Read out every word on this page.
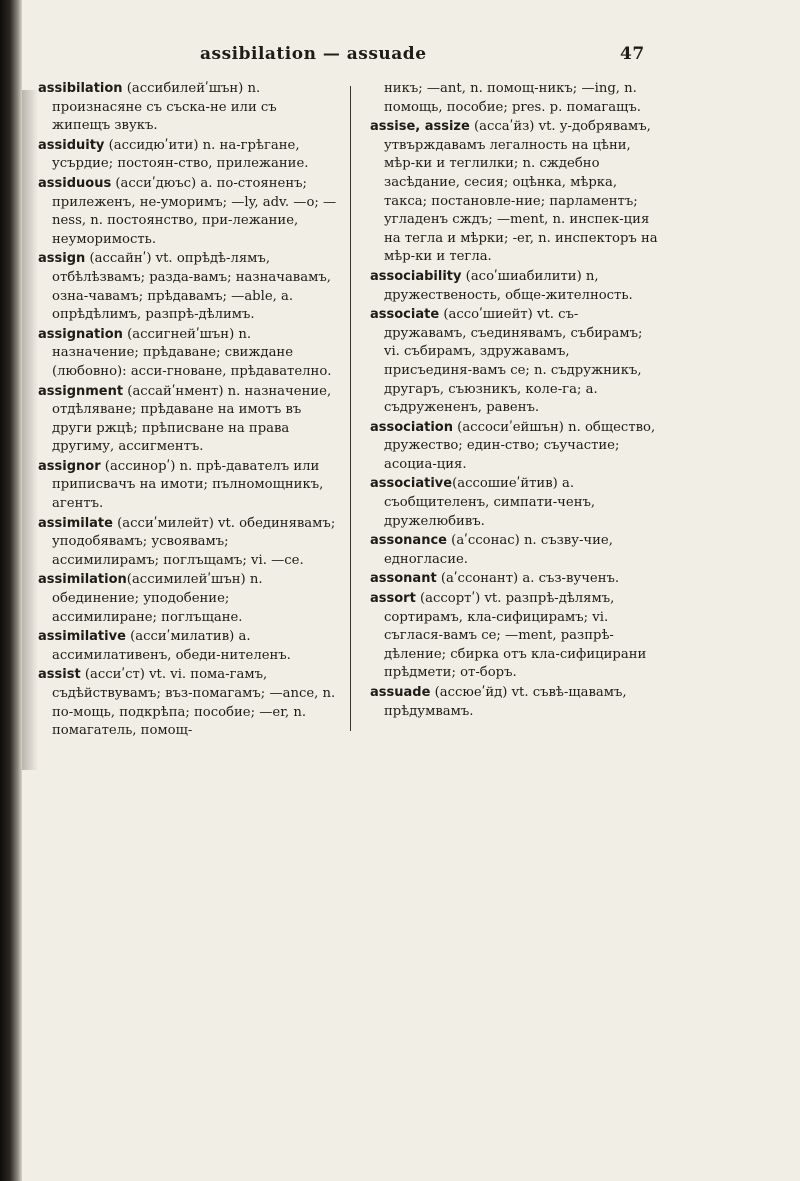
assibilation — assuade	47
assibilation (ассибилейʹшън) n. произнасяне съ съска-не или съ жипещъ звукъ.
assiduity (ассидюʹити) n. на-грѣгане, усърдие; постоян-ство, прилежание.
assiduous (ассиʹдюъс) a. по-стояненъ; прилеженъ, не-уморимъ; —ly, adv. —o; —ness, n. постоянство, при-лежание, неуморимость.
assign (ассайнʹ) vt. опрѣдѣ-лямъ, отбѣлѣзвамъ; разда-вамъ; назначавамъ, озна-чавамъ; прѣдавамъ; —able, a. опрѣдѣлимъ, разпрѣ-дѣлимъ.
assignation (ассигнейʹшън) n. назначение; прѣдаване; свиждане (любовно): асси-гноване, прѣдавателно.
assignment (ассайʹнмент) n. назначение, отдѣляване; прѣдаване на имотъ въ други ржцѣ; прѣписване на права другиму, ассигментъ.
assignor (ассинорʹ) n. прѣ-дaвaтeлъ или приписвачъ на имоти; пълномощникъ, агентъ.
assimilate (ассиʹмилейт) vt. обединявамъ; уподобявамъ; усвоявамъ; ассимилирамъ; поглъщамъ; vi. —се.
assimilation(ассимилейʹшън) n. обединение; уподобение; ассимилиране; поглъщане.
assimilative (ассиʹмилатив) a. ассимилативенъ, обеди-нителенъ.
assist (ассиʹст) vt. vi. пома-гамъ, съдѣйствувамъ; въз-помагамъ; —ance, n. по-мощь, подкрѣпа; пособие; —er, n. помагатель, помощ-
никъ; —ant, n. помощ-никъ; —ing, n. помощь, пособие; pres. p. помагащъ.
assise, assize (ассаʹйз) vt. у-добрявамъ, утвърждавамъ легалность на цѣни, мѣр-ки и теглилки; n. сждебно засѣдание, сесия; оцѣнка, мѣрка, такса; постановле-ние; парламентъ; угладенъ сждъ; —ment, n. инспек-ция на тегла и мѣрки; -er, n. инспекторъ на мѣр-ки и тегла.
associability (асоʹшиабилити) n, дружественость, обще-жителность.
associate (ассоʹшиейт) vt. съ-дружавамъ, съединявамъ, събирамъ; vi. събирамъ, здружавамъ, присъединя-вамъ се; n. съдружникъ, другаръ, съюзникъ, коле-га; a. съдружененъ, равенъ.
association (ассосиʹейшън) n. общество, дружество; един-ство; съучастие; асоциа-ция.
associative(ассошиеʹйтив) a. съобщителенъ, симпати-ченъ, дружелюбивъ.
assonance (аʹссонас) n. съзву-чие, едногласие.
assonant (аʹссонант) a. съз-вученъ.
assort (ассортʹ) vt. разпрѣ-дѣлямъ, сортирамъ, кла-сифицирамъ; vi. съглася-вамъ се; —ment, разпрѣ-дѣление; сбирка отъ кла-сифицирани прѣдмети; от-боръ.
assuade (ассюеʹйд) vt. съвѣ-щавамъ, прѣдумвамъ.
